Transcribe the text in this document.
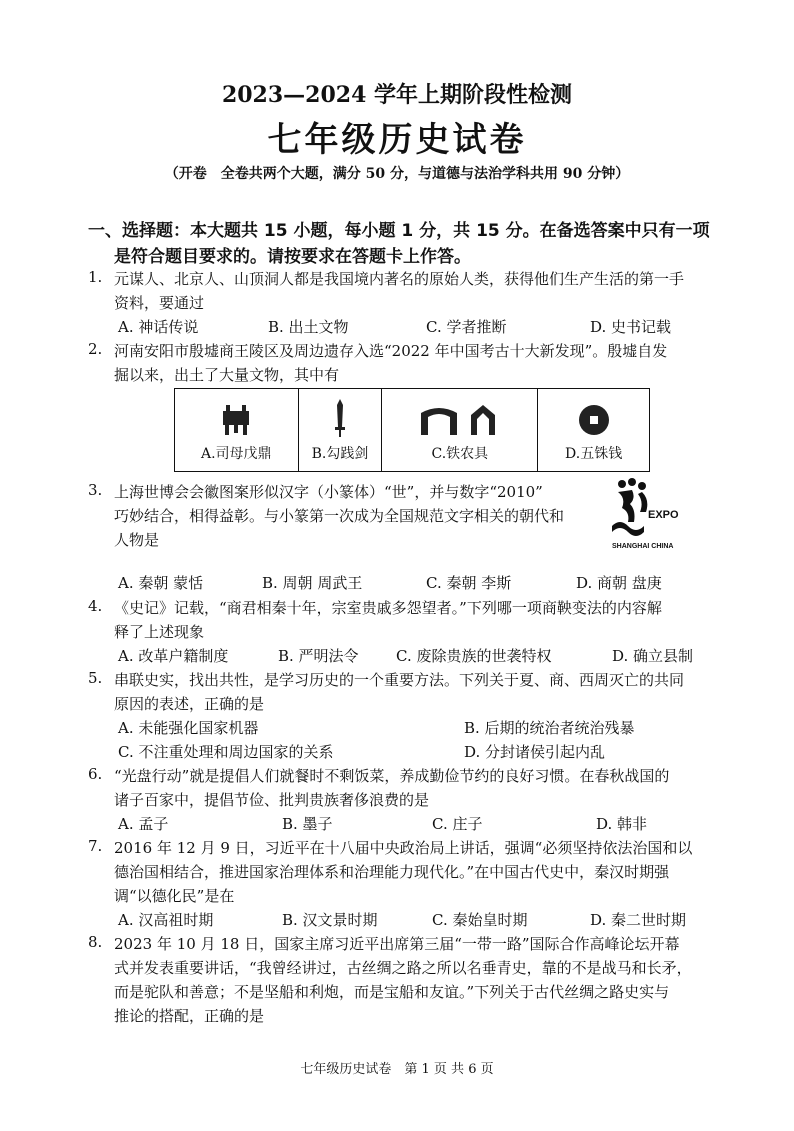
2023—2024 学年上期阶段性检测
七年级历史试卷
（开卷　全卷共两个大题，满分 50 分，与道德与法治学科共用 90 分钟）
一、选择题：本大题共 15 小题，每小题 1 分，共 15 分。在备选答案中只有一项
是符合题目要求的。请按要求在答题卡上作答。
1. 元谋人、北京人、山顶洞人都是我国境内著名的原始人类，获得他们生产生活的第一手
资料，要通过
A. 神话传说	B. 出土文物	C. 学者推断	D. 史书记载
2. 河南安阳市殷墟商王陵区及周边遗存入选“2022 年中国考古十大新发现”。殷墟自发
掘以来，出土了大量文物，其中有
A.司母戊鼎	B.勾践剑	C.铁农具	D.五铢钱
3. 上海世博会会徽图案形似汉字（小篆体）“世”，并与数字“2010”
巧妙结合，相得益彰。与小篆第一次成为全国规范文字相关的朝代和
人物是
EXPO
SHANGHAI CHINA
A. 秦朝 蒙恬	B. 周朝 周武王	C. 秦朝 李斯	D. 商朝 盘庚
4. 《史记》记载，“商君相秦十年，宗室贵戚多怨望者。”下列哪一项商鞅变法的内容解
释了上述现象
A. 改革户籍制度	B. 严明法令 C. 废除贵族的世袭特权	D. 确立县制
5. 串联史实，找出共性，是学习历史的一个重要方法。下列关于夏、商、西周灭亡的共同
原因的表述，正确的是
A. 未能强化国家机器	B. 后期的统治者统治残暴
C. 不注重处理和周边国家的关系	D. 分封诸侯引起内乱
6. “光盘行动”就是提倡人们就餐时不剩饭菜，养成勤俭节约的良好习惯。在春秋战国的
诸子百家中，提倡节俭、批判贵族奢侈浪费的是
A. 孟子	B. 墨子	C. 庄子	D. 韩非
7. 2016 年 12 月 9 日，习近平在十八届中央政治局上讲话，强调“必须坚持依法治国和以
德治国相结合，推进国家治理体系和治理能力现代化。”在中国古代史中，秦汉时期强
调“以德化民”是在
A. 汉高祖时期	B. 汉文景时期	C. 秦始皇时期	D. 秦二世时期
8. 2023 年 10 月 18 日，国家主席习近平出席第三届“一带一路”国际合作高峰论坛开幕
式并发表重要讲话，“我曾经讲过，古丝绸之路之所以名垂青史，靠的不是战马和长矛，
而是驼队和善意；不是坚船和利炮，而是宝船和友谊。”下列关于古代丝绸之路史实与
推论的搭配，正确的是
七年级历史试卷　第 1 页 共 6 页
